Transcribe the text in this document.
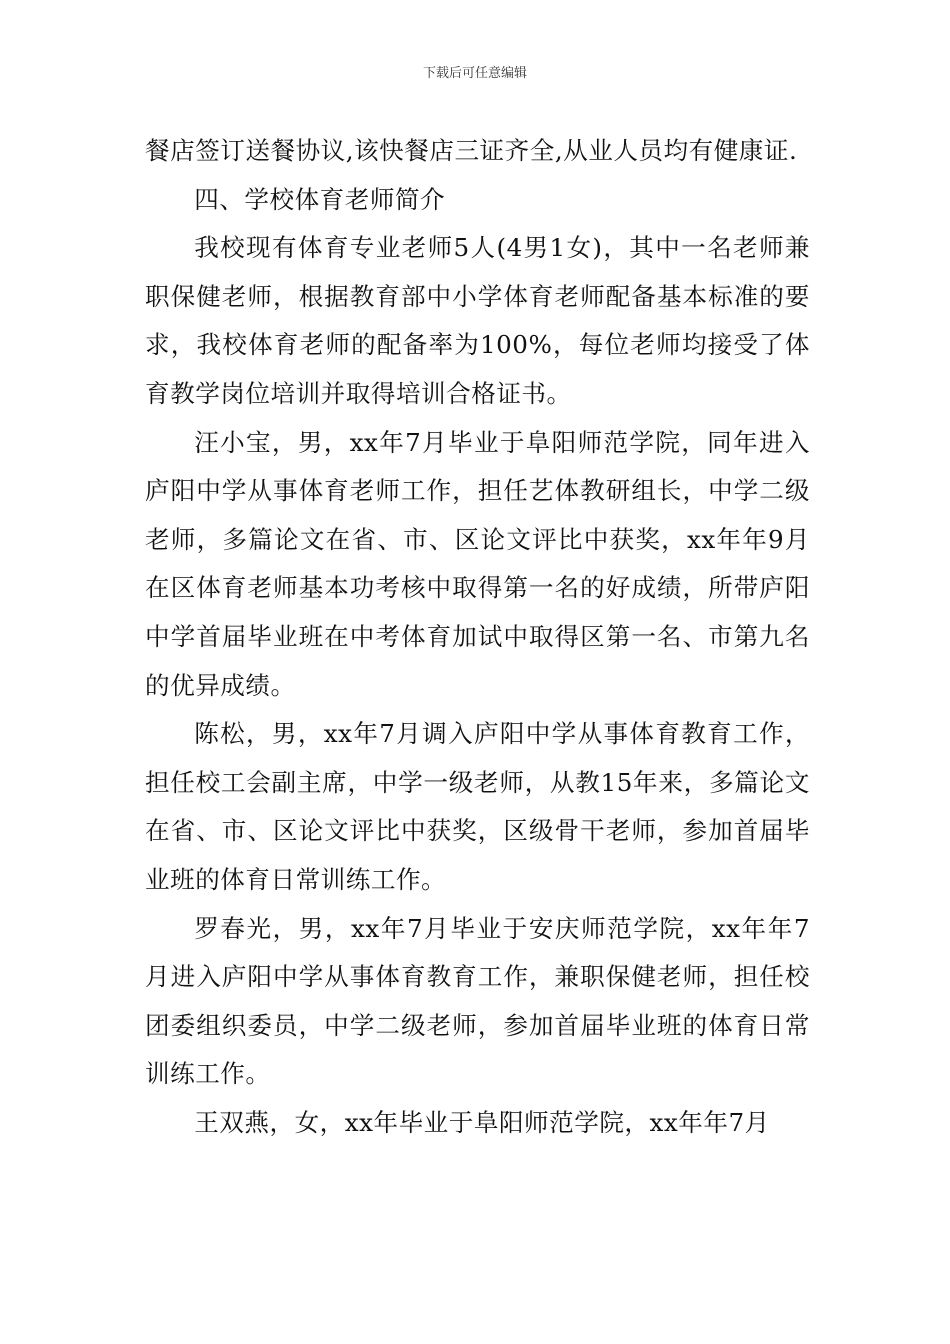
下载后可任意编辑

餐店签订送餐协议,该快餐店三证齐全,从业人员均有健康证.

四、学校体育老师简介

我校现有体育专业老师5人(4男1女)，其中一名老师兼职保健老师，根据教育部中小学体育老师配备基本标准的要求，我校体育老师的配备率为100%，每位老师均接受了体育教学岗位培训并取得培训合格证书。

汪小宝，男，xx年7月毕业于阜阳师范学院，同年进入庐阳中学从事体育老师工作，担任艺体教研组长，中学二级老师，多篇论文在省、市、区论文评比中获奖，xx年年9月在区体育老师基本功考核中取得第一名的好成绩，所带庐阳中学首届毕业班在中考体育加试中取得区第一名、市第九名的优异成绩。

陈松，男，xx年7月调入庐阳中学从事体育教育工作，担任校工会副主席，中学一级老师，从教15年来，多篇论文在省、市、区论文评比中获奖，区级骨干老师，参加首届毕业班的体育日常训练工作。

罗春光，男，xx年7月毕业于安庆师范学院，xx年年7月进入庐阳中学从事体育教育工作，兼职保健老师，担任校团委组织委员，中学二级老师，参加首届毕业班的体育日常训练工作。

王双燕，女，xx年毕业于阜阳师范学院，xx年年7月
